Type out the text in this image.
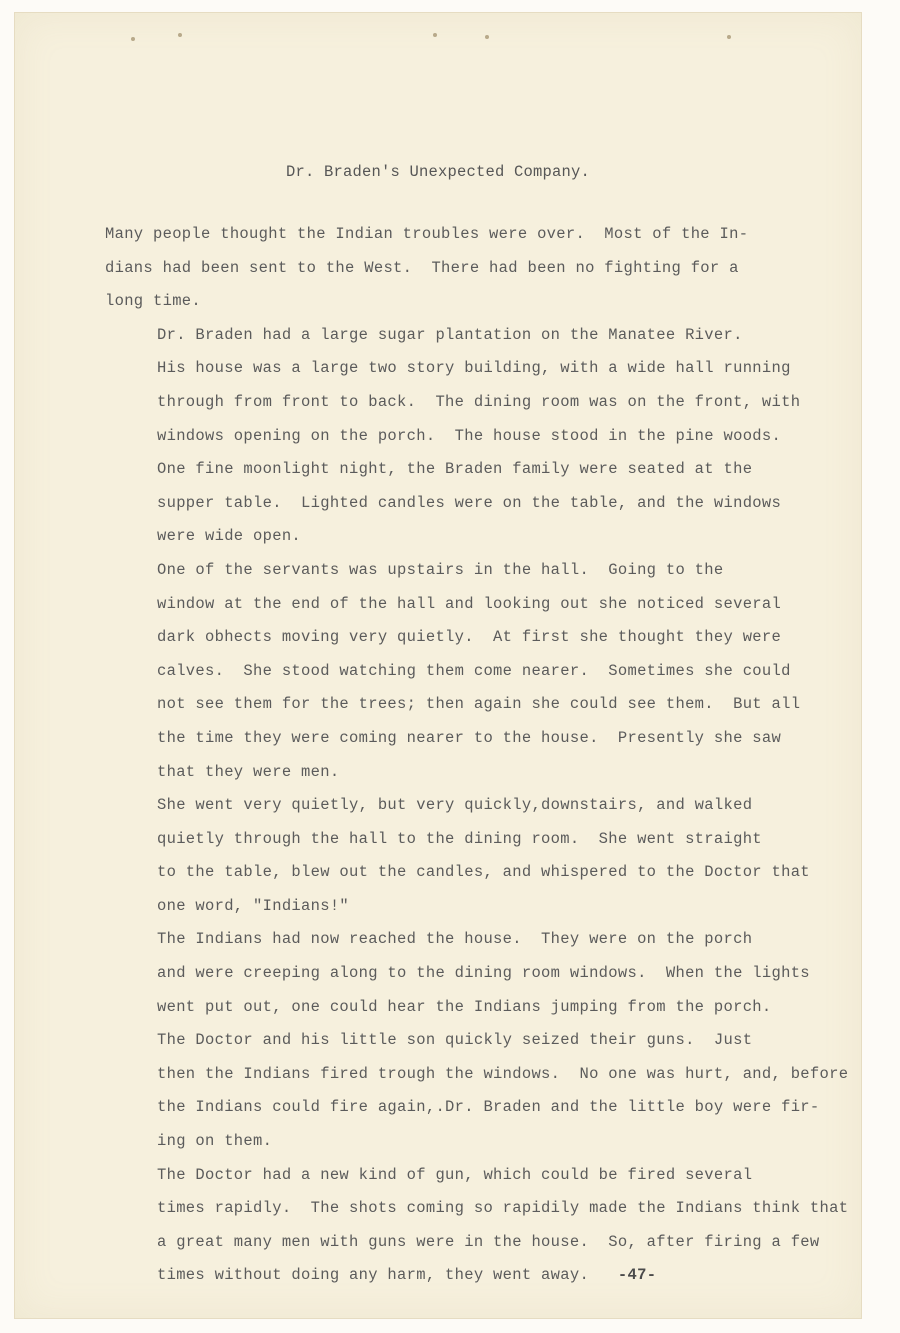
Dr. Braden's Unexpected Company.

Many people thought the Indian troubles were over.  Most of the In-
dians had been sent to the West.  There had been no fighting for a
long time.

Dr. Braden had a large sugar plantation on the Manatee River.
His house was a large two story building, with a wide hall running
through from front to back.  The dining room was on the front, with
windows opening on the porch.  The house stood in the pine woods.

One fine moonlight night, the Braden family were seated at the
supper table.  Lighted candles were on the table, and the windows
were wide open.

One of the servants was upstairs in the hall.  Going to the
window at the end of the hall and looking out she noticed several
dark obhects moving very quietly.  At first she thought they were
calves.  She stood watching them come nearer.  Sometimes she could
not see them for the trees; then again she could see them.  But all
the time they were coming nearer to the house.  Presently she saw
that they were men.

She went very quietly, but very quickly,downstairs, and walked
quietly through the hall to the dining room.  She went straight
to the table, blew out the candles, and whispered to the Doctor that
one word, "Indians!"

The Indians had now reached the house.  They were on the porch
and were creeping along to the dining room windows.  When the lights
went put out, one could hear the Indians jumping from the porch.

The Doctor and his little son quickly seized their guns.  Just
then the Indians fired trough the windows.  No one was hurt, and, before
the Indians could fire again,.Dr. Braden and the little boy were fir-
ing on them.

The Doctor had a new kind of gun, which could be fired several
times rapidly.  The shots coming so rapidily made the Indians think that
a great many men with guns were in the house.  So, after firing a few
times without doing any harm, they went away. -47-
